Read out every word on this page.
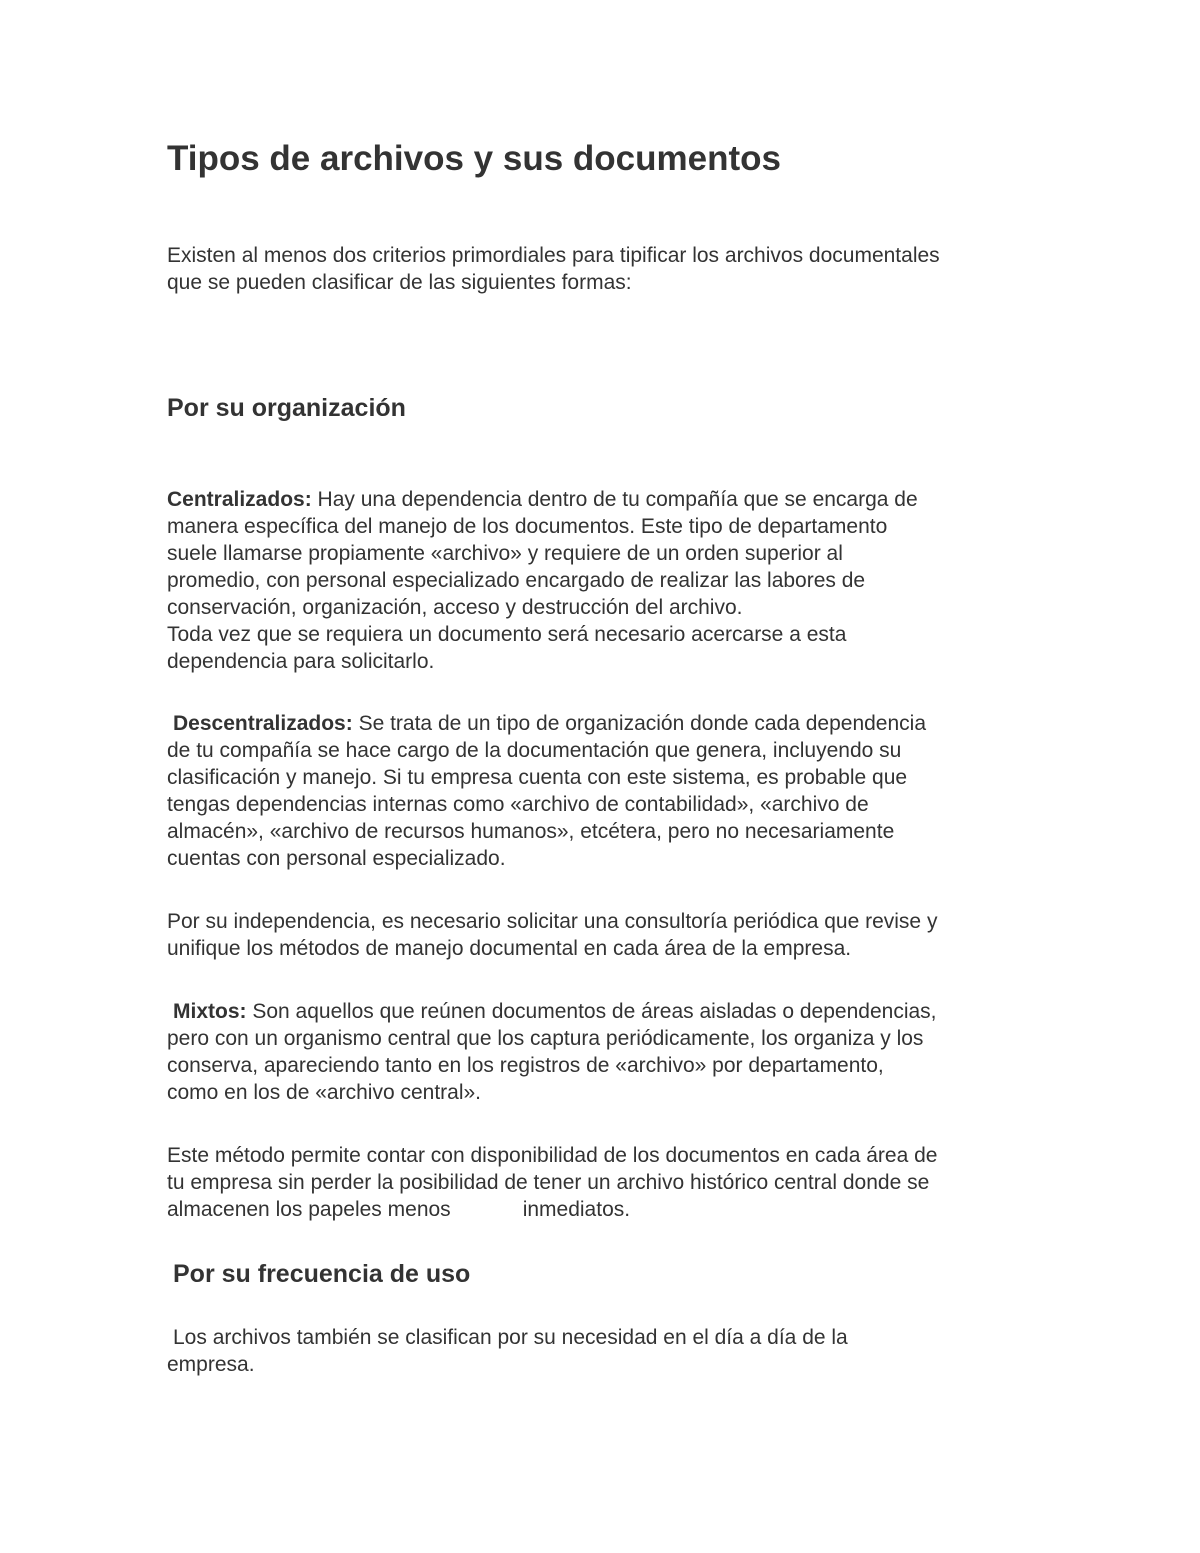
Tipos de archivos y sus documentos

Existen al menos dos criterios primordiales para tipificar los archivos documentales
que se pueden clasificar de las siguientes formas:

Por su organización

Centralizados: Hay una dependencia dentro de tu compañía que se encarga de
manera específica del manejo de los documentos. Este tipo de departamento
suele llamarse propiamente «archivo» y requiere de un orden superior al
promedio, con personal especializado encargado de realizar las labores de
conservación, organización, acceso y destrucción del archivo.
Toda vez que se requiera un documento será necesario acercarse a esta
dependencia para solicitarlo.

Descentralizados: Se trata de un tipo de organización donde cada dependencia
de tu compañía se hace cargo de la documentación que genera, incluyendo su
clasificación y manejo. Si tu empresa cuenta con este sistema, es probable que
tengas dependencias internas como «archivo de contabilidad», «archivo de
almacén», «archivo de recursos humanos», etcétera, pero no necesariamente
cuentas con personal especializado.

Por su independencia, es necesario solicitar una consultoría periódica que revise y
unifique los métodos de manejo documental en cada área de la empresa.

Mixtos: Son aquellos que reúnen documentos de áreas aisladas o dependencias,
pero con un organismo central que los captura periódicamente, los organiza y los
conserva, apareciendo tanto en los registros de «archivo» por departamento,
como en los de «archivo central».

Este método permite contar con disponibilidad de los documentos en cada área de
tu empresa sin perder la posibilidad de tener un archivo histórico central donde se
almacenen los papeles menos	inmediatos.

Por su frecuencia de uso

Los archivos también se clasifican por su necesidad en el día a día de la
empresa.
